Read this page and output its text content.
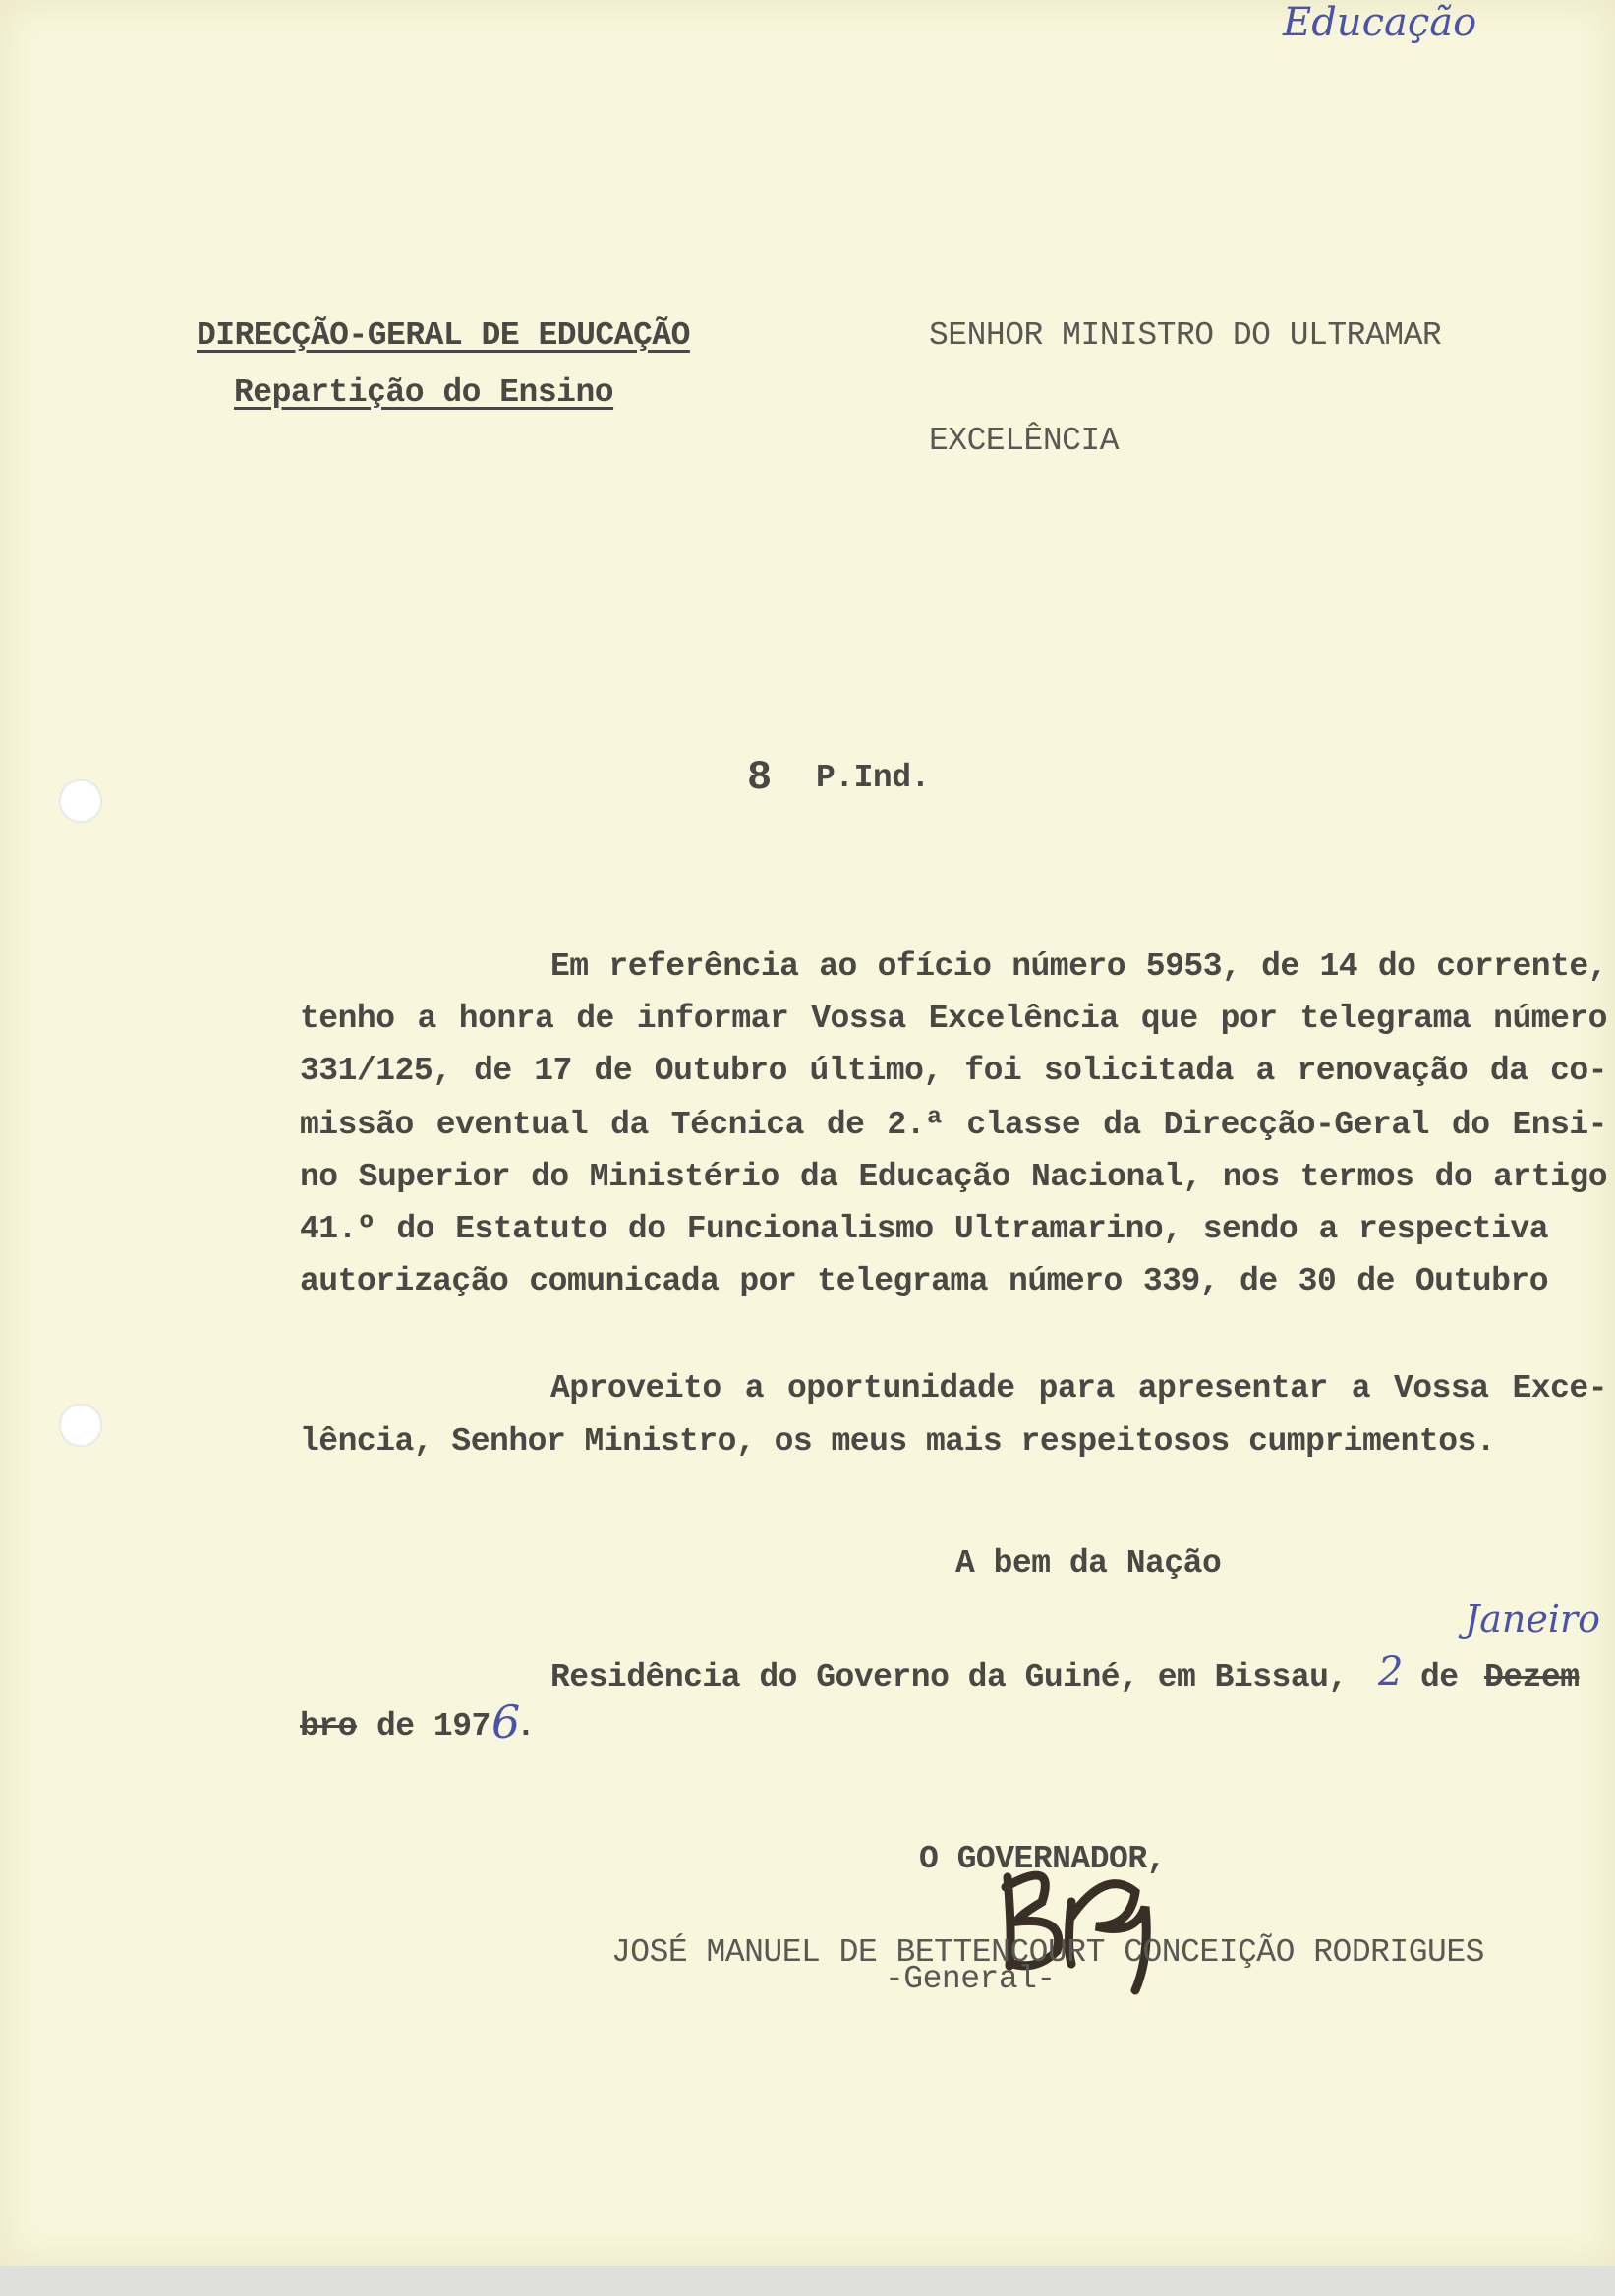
Educação
DIRECÇÃO-GERAL DE EDUCAÇÃO
Repartição do Ensino
SENHOR MINISTRO DO ULTRAMAR
EXCELÊNCIA
8 P.Ind.
Em referência ao ofício número 5953, de 14 do corrente,
tenho a honra de informar Vossa Excelência que por telegrama número
331/125, de 17 de Outubro último, foi solicitada a renovação da co-
missão eventual da Técnica de 2.ª classe da Direcção-Geral do Ensi-
no Superior do Ministério da Educação Nacional, nos termos do artigo
41.º do Estatuto do Funcionalismo Ultramarino, sendo a respectiva
autorização comunicada por telegrama número 339, de 30 de Outubro
Aproveito a oportunidade para apresentar a Vossa Exce-
lência, Senhor Ministro, os meus mais respeitosos cumprimentos.
A bem da Nação
Residência do Governo da Guiné, em Bissau, 2 de Dezem
Janeiro
bro de 197 6
.
O GOVERNADOR,
JOSÉ MANUEL DE BETTENCOURT CONCEIÇÃO RODRIGUES
-General-
